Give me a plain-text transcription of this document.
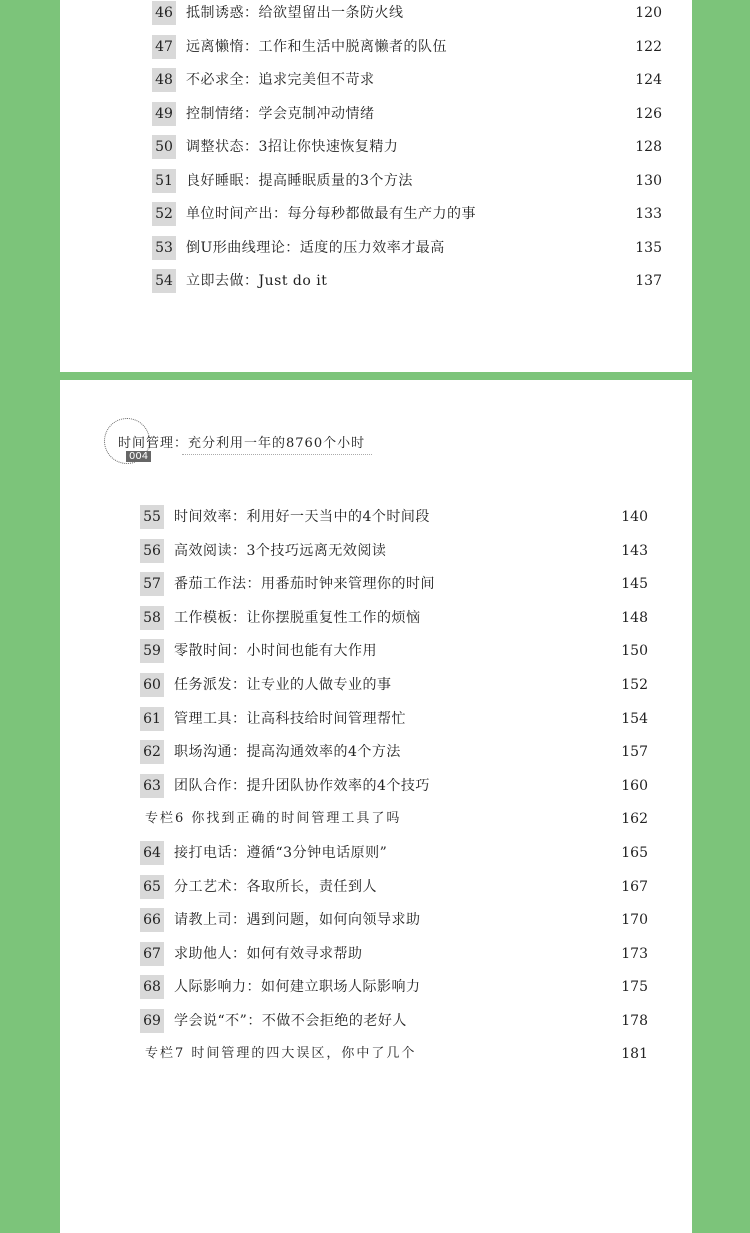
46 抵制诱惑：给欲望留出一条防火线	120
47 远离懒惰：工作和生活中脱离懒者的队伍	122
48 不必求全：追求完美但不苛求	124
49 控制情绪：学会克制冲动情绪	126
50 调整状态：3招让你快速恢复精力	128
51 良好睡眠：提高睡眠质量的3个方法	130
52 单位时间产出：每分每秒都做最有生产力的事	133
53 倒U形曲线理论：适度的压力效率才最高	135
54 立即去做：Just do it	137
时间管理：充分利用一年的8760个小时
004
55 时间效率：利用好一天当中的4个时间段	140
56 高效阅读：3个技巧远离无效阅读	143
57 番茄工作法：用番茄时钟来管理你的时间	145
58 工作模板：让你摆脱重复性工作的烦恼	148
59 零散时间：小时间也能有大作用	150
60 任务派发：让专业的人做专业的事	152
61 管理工具：让高科技给时间管理帮忙	154
62 职场沟通：提高沟通效率的4个方法	157
63 团队合作：提升团队协作效率的4个技巧	160
专栏6 你找到正确的时间管理工具了吗	162
64 接打电话：遵循“3分钟电话原则”	165
65 分工艺术：各取所长，责任到人	167
66 请教上司：遇到问题，如何向领导求助	170
67 求助他人：如何有效寻求帮助	173
68 人际影响力：如何建立职场人际影响力	175
69 学会说“不”：不做不会拒绝的老好人	178
专栏7 时间管理的四大误区，你中了几个	181
